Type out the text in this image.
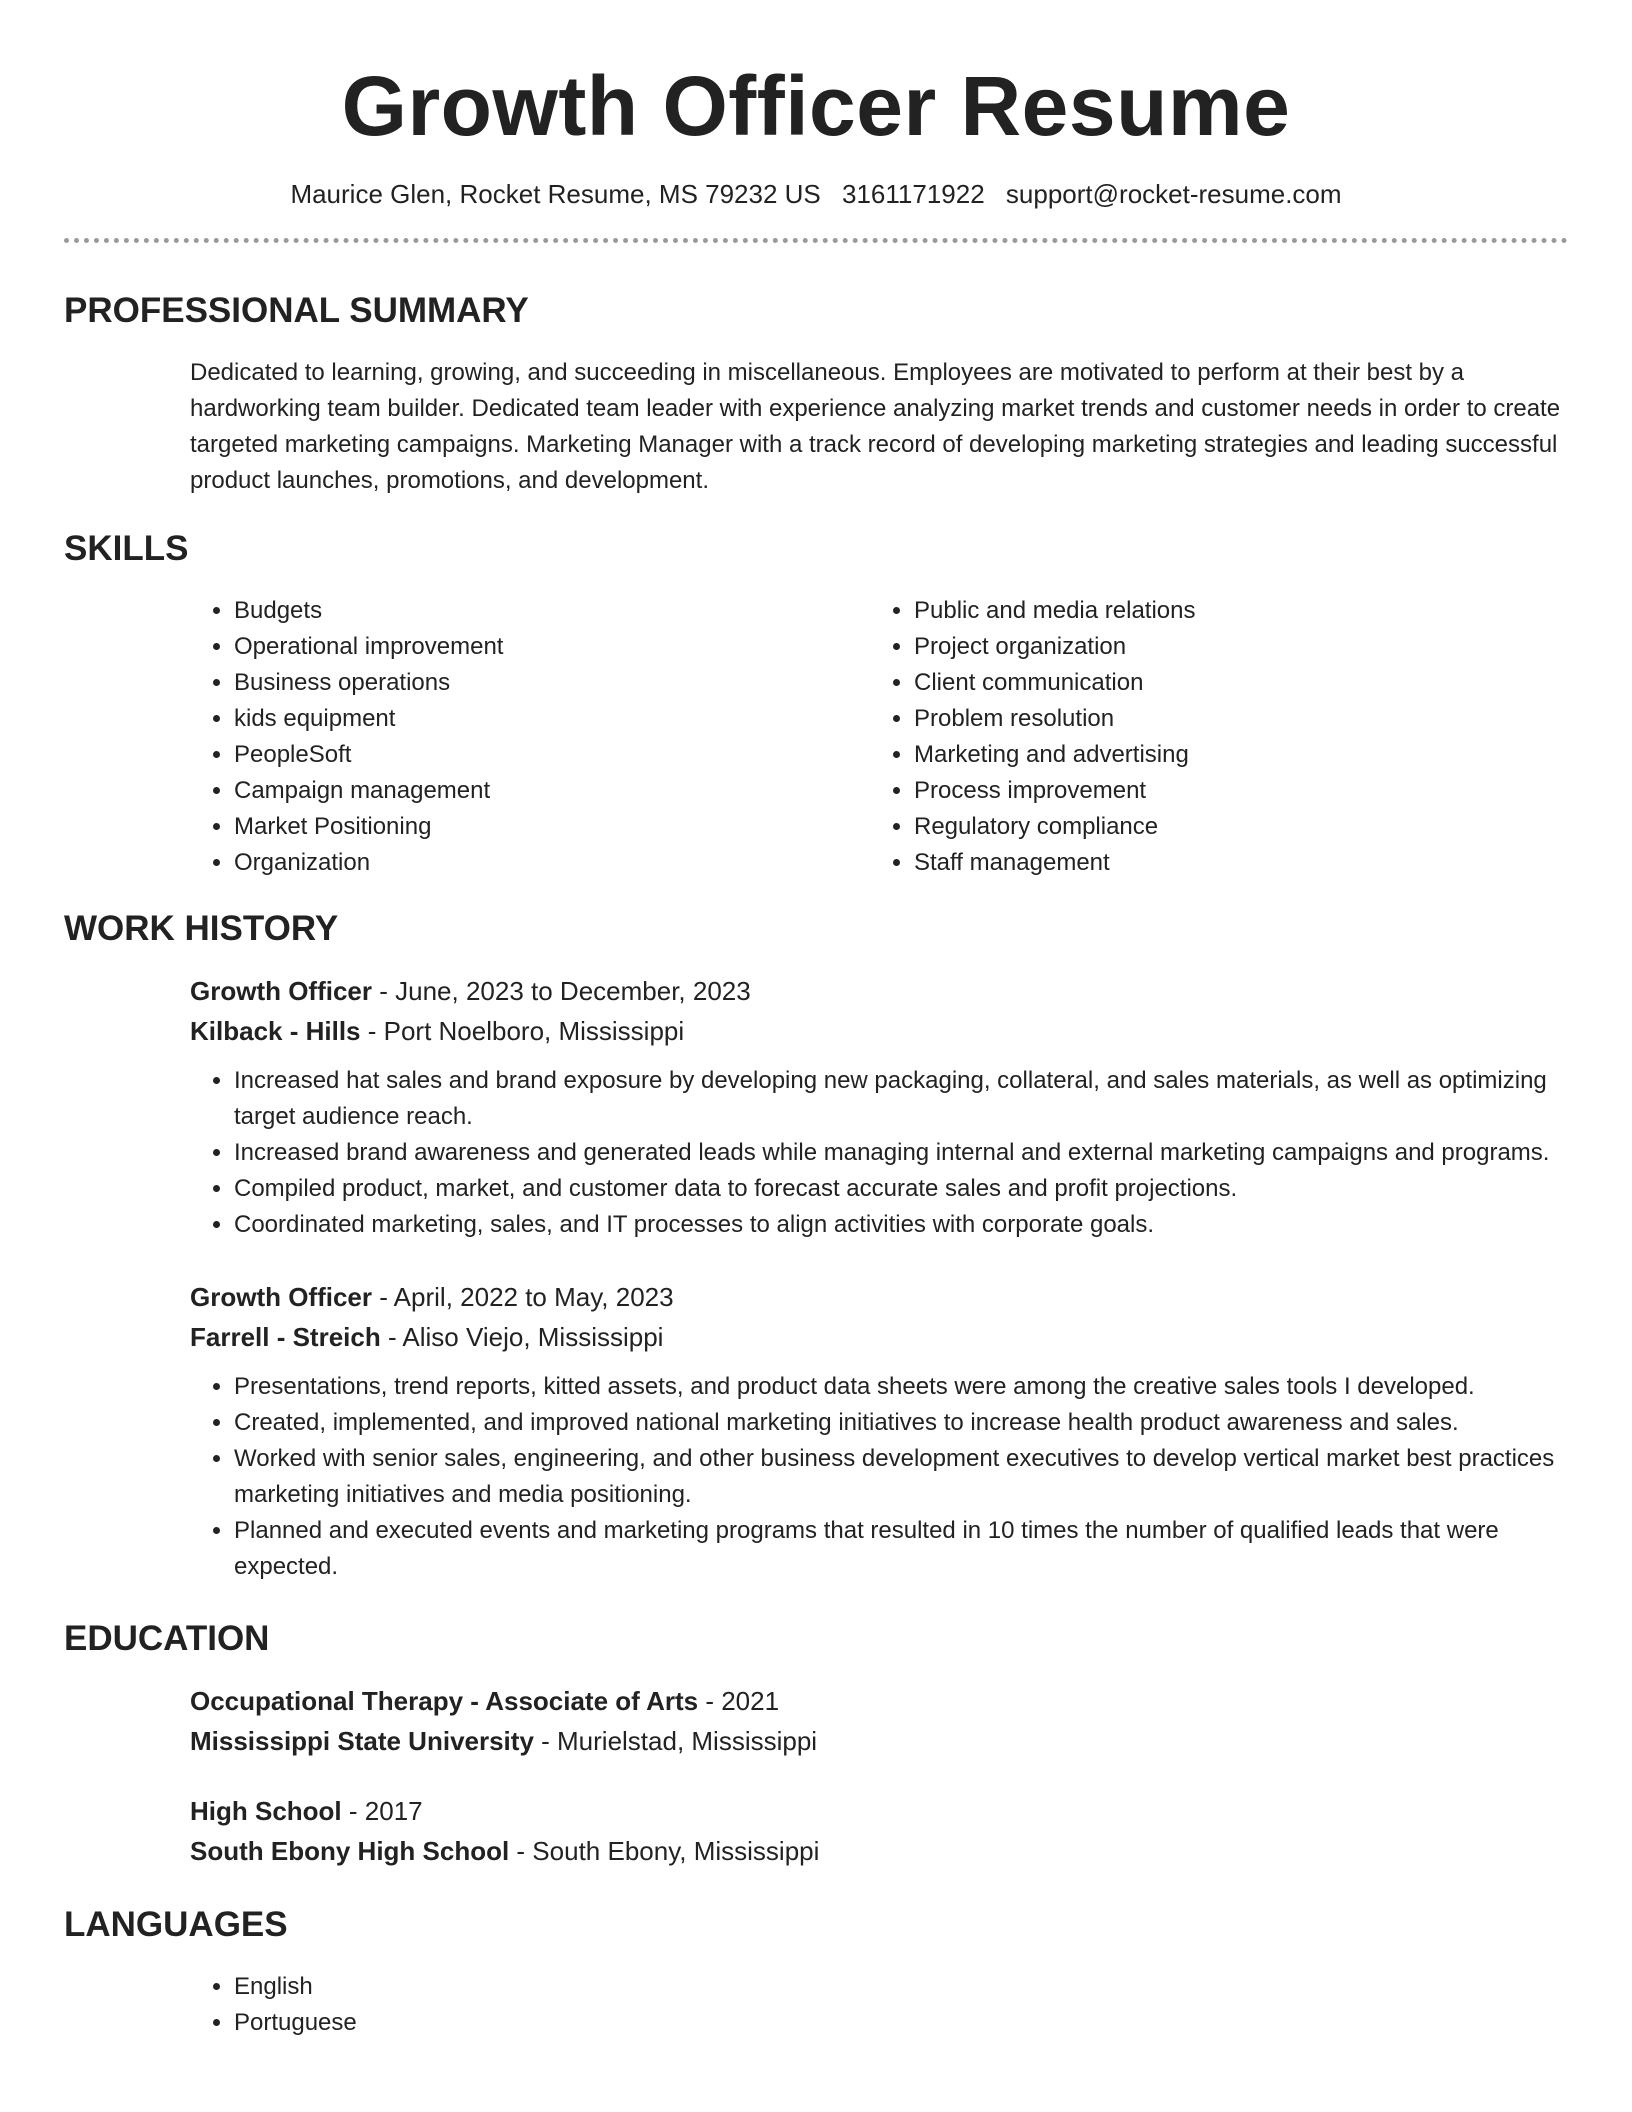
Growth Officer Resume
Maurice Glen, Rocket Resume, MS 79232 US 3161171922 support@rocket-resume.com
PROFESSIONAL SUMMARY

Dedicated to learning, growing, and succeeding in miscellaneous. Employees are motivated to perform at their best by a hardworking team builder. Dedicated team leader with experience analyzing market trends and customer needs in order to create targeted marketing campaigns. Marketing Manager with a track record of developing marketing strategies and leading successful product launches, promotions, and development.

SKILLS
• Budgets
• Operational improvement
• Business operations
• kids equipment
• PeopleSoft
• Campaign management
• Market Positioning
• Organization
• Public and media relations
• Project organization
• Client communication
• Problem resolution
• Marketing and advertising
• Process improvement
• Regulatory compliance
• Staff management
WORK HISTORY
Growth Officer - June, 2023 to December, 2023
Kilback - Hills - Port Noelboro, Mississippi
• Increased hat sales and brand exposure by developing new packaging, collateral, and sales materials, as well as optimizing target audience reach.
• Increased brand awareness and generated leads while managing internal and external marketing campaigns and programs.
• Compiled product, market, and customer data to forecast accurate sales and profit projections.
• Coordinated marketing, sales, and IT processes to align activities with corporate goals.
Growth Officer - April, 2022 to May, 2023
Farrell - Streich - Aliso Viejo, Mississippi
• Presentations, trend reports, kitted assets, and product data sheets were among the creative sales tools I developed.
• Created, implemented, and improved national marketing initiatives to increase health product awareness and sales.
• Worked with senior sales, engineering, and other business development executives to develop vertical market best practices marketing initiatives and media positioning.
• Planned and executed events and marketing programs that resulted in 10 times the number of qualified leads that were expected.
EDUCATION
Occupational Therapy - Associate of Arts - 2021
Mississippi State University - Murielstad, Mississippi
High School - 2017
South Ebony High School - South Ebony, Mississippi
LANGUAGES
• English
• Portuguese
